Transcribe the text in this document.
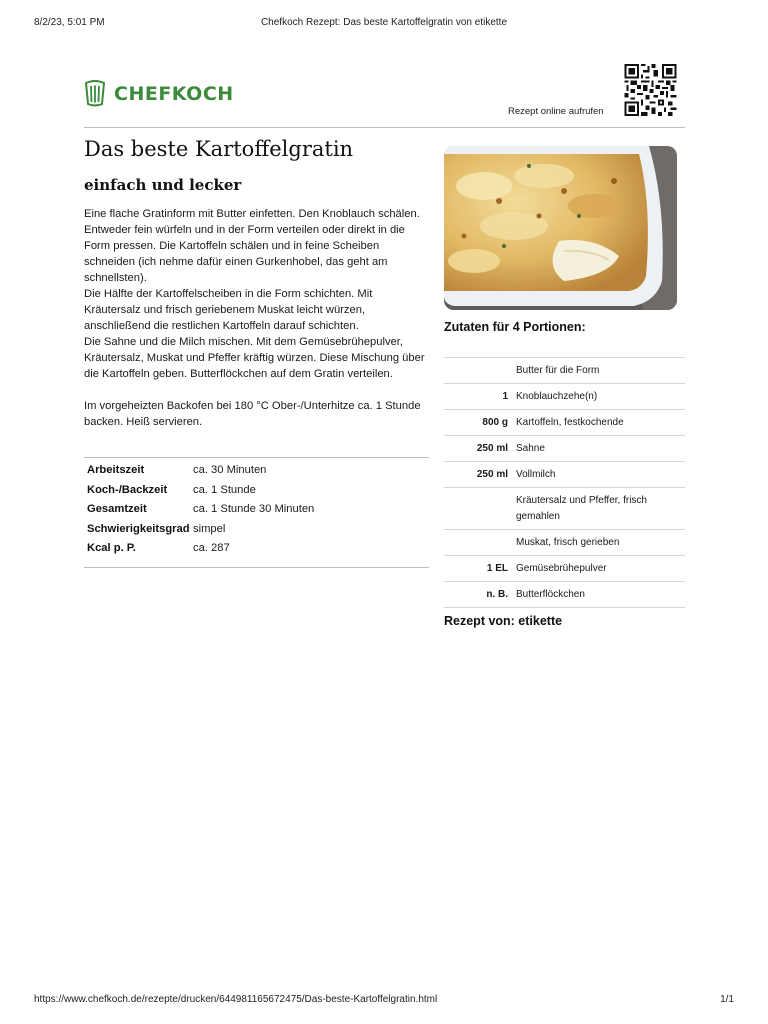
8/2/23, 5:01 PM	Chefkoch Rezept: Das beste Kartoffelgratin von etikette
CHEFKOCH
Rezept online aufrufen
Das beste Kartoffelgratin
einfach und lecker

Eine flache Gratinform mit Butter einfetten. Den Knoblauch schälen. Entweder fein würfeln und in der Form verteilen oder direkt in die Form pressen. Die Kartoffeln schälen und in feine Scheiben schneiden (ich nehme dafür einen Gurkenhobel, das geht am schnellsten).

Die Hälfte der Kartoffelscheiben in die Form schichten. Mit Kräutersalz und frisch geriebenem Muskat leicht würzen, anschließend die restlichen Kartoffeln darauf schichten.

Die Sahne und die Milch mischen. Mit dem Gemüsebrühepulver, Kräutersalz, Muskat und Pfeffer kräftig würzen. Diese Mischung über die Kartoffeln geben. Butterflöckchen auf dem Gratin verteilen.

Im vorgeheizten Backofen bei 180 °C Ober-/Unterhitze ca. 1 Stunde backen. Heiß servieren.

Arbeitszeit	ca. 30 Minuten
Koch-/Backzeit	ca. 1 Stunde
Gesamtzeit	ca. 1 Stunde 30 Minuten
Schwierigkeitsgrad simpel
Kcal p. P.	ca. 287
Zutaten für 4 Portionen:
Butter für die Form
1 Knoblauchzehe(n)
800 g Kartoffeln, festkochende
250 ml Sahne
250 ml Vollmilch
Kräutersalz und Pfeffer, frisch gemahlen
Muskat, frisch gerieben
1 EL Gemüsebrühepulver
n. B. Butterflöckchen
Rezept von: etikette
https://www.chefkoch.de/rezepte/drucken/644981165672475/Das-beste-Kartoffelgratin.html	1/1
